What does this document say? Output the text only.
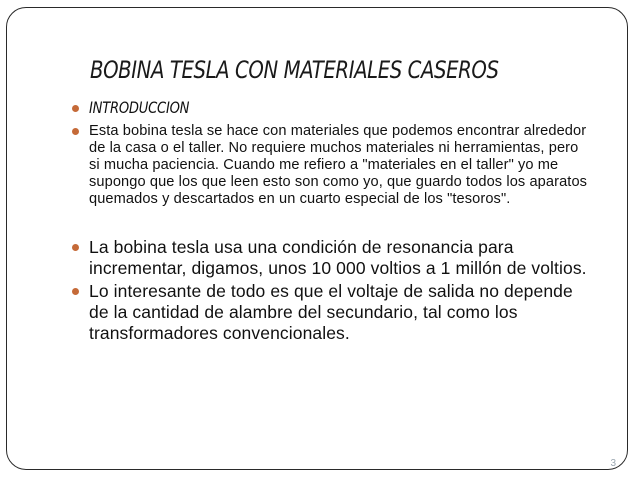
BOBINA TESLA CON MATERIALES CASEROS
INTRODUCCION
Esta bobina tesla se hace con materiales que podemos encontrar alrededor de la casa o el taller. No requiere muchos materiales ni herramientas, pero si mucha paciencia. Cuando me refiero a "materiales en el taller" yo me supongo que los que leen esto son como yo, que guardo todos los aparatos quemados y descartados en un cuarto especial de los "tesoros".
La bobina tesla usa una condición de resonancia para incrementar, digamos, unos 10 000 voltios a 1 millón de voltios.
Lo interesante de todo es que el voltaje de salida no depende de la cantidad de alambre del secundario, tal como los transformadores convencionales.
3
